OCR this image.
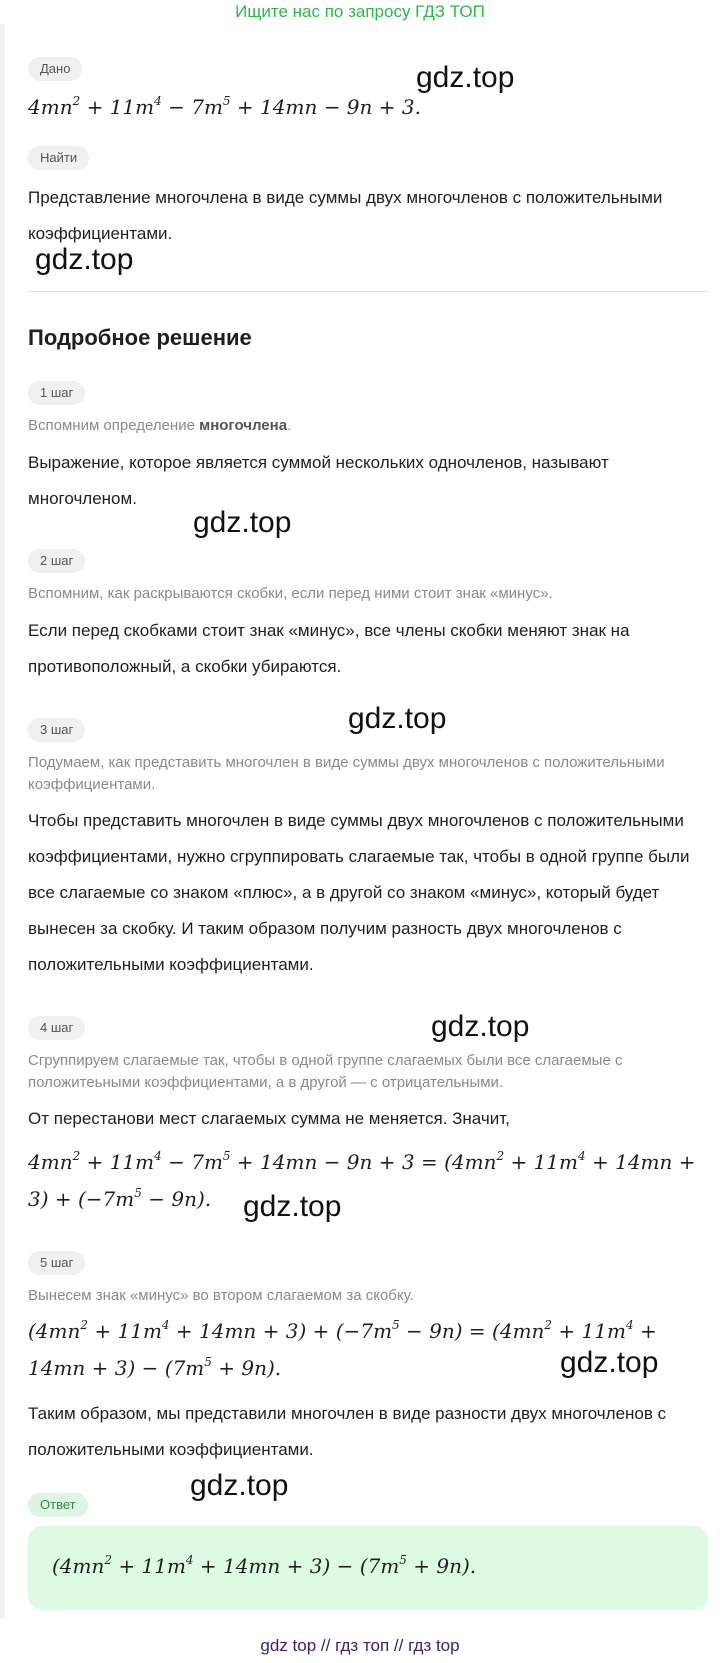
Ищите нас по запросу ГДЗ ТОП
Дано
$4mn^2 + 11m^4 - 7m^5 + 14mn - 9n + 3$.
gdz.top
Найти
Представление многочлена в виде суммы двух многочленов с положительными коэффициентами.
gdz.top
Подробное решение
1 шаг
Вспомним определение многочлена.
Выражение, которое является суммой нескольких одночленов, называют многочленом.
gdz.top
2 шаг
Вспомним, как раскрываются скобки, если перед ними стоит знак «минус».
Если перед скобками стоит знак «минус», все члены скобки меняют знак на противоположный, а скобки убираются.
gdz.top
3 шаг
Подумаем, как представить многочлен в виде суммы двух многочленов с положительными коэффициентами.
Чтобы представить многочлен в виде суммы двух многочленов с положительными коэффициентами, нужно сгруппировать слагаемые так, чтобы в одной группе были все слагаемые со знаком «плюс», а в другой со знаком «минус», который будет вынесен за скобку. И таким образом получим разность двух многочленов с положительными коэффициентами.
4 шаг	gdz.top
Сгруппируем слагаемые так, чтобы в одной группе слагаемых были все слагаемые с положитеьными коэффициентами, а в другой — с отрицательными.
От перестанови мест слагаемых сумма не меняется. Значит,
$4mn^2 + 11m^4 - 7m^5 + 14mn - 9n + 3 = (4mn^2 + 11m^4 + 14mn$ +
$3) + (-7m^5 - 9n)$.	gdz.top
5 шаг
Вынесем знак «минус» во втором слагаемом за скобку.
$(4mn^2 + 11m^4 + 14mn + 3) + (-7m^5 - 9n) = (4mn^2 + 11m^4$ +
$14mn + 3) - (7m^5 + 9n)$.	gdz.top
Таким образом, мы представили многочлен в виде разности двух многочленов с положительными коэффициентами.
gdz.top
Ответ
$(4mn^2 + 11m^4 + 14mn + 3) - (7m^5 + 9n)$.
gdz top // гдз топ // гдз top
